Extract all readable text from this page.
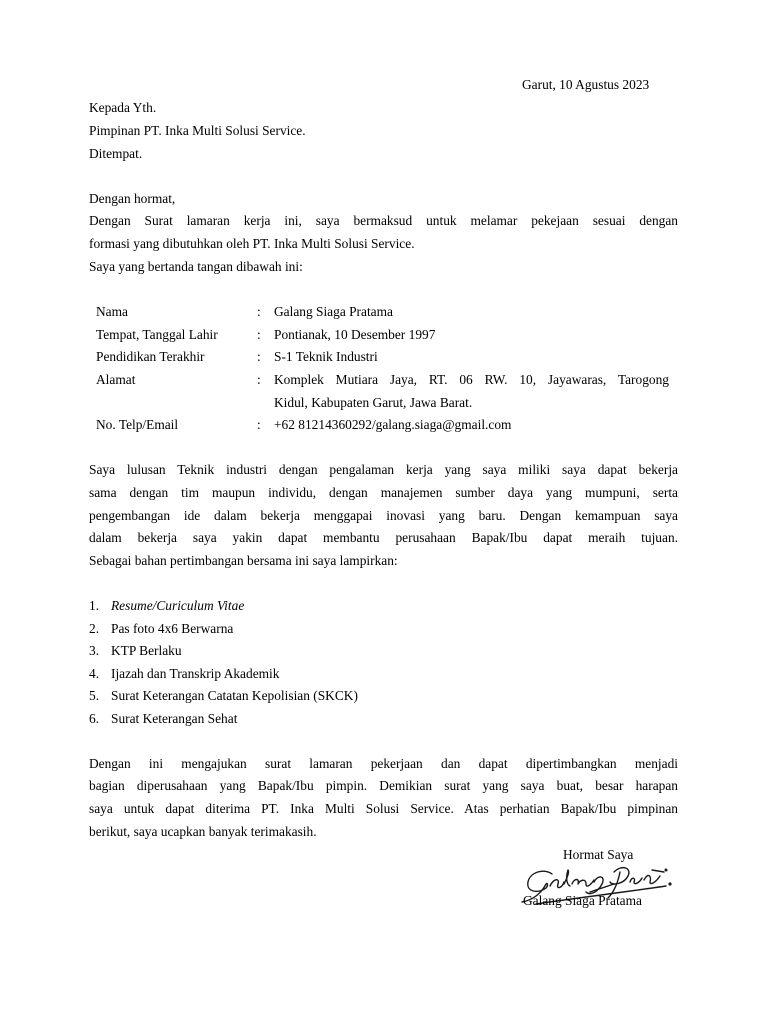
Garut, 10 Agustus 2023
Kepada Yth.
Pimpinan PT. Inka Multi Solusi Service.
Ditempat.
Dengan hormat,
Dengan Surat lamaran kerja ini, saya bermaksud untuk melamar pekejaan sesuai dengan
formasi yang dibutuhkan oleh PT. Inka Multi Solusi Service.
Saya yang bertanda tangan dibawah ini:
Nama	: Galang Siaga Pratama
Tempat, Tanggal Lahir	: Pontianak, 10 Desember 1997
Pendidikan Terakhir	: S-1 Teknik Industri
Alamat	: Komplek Mutiara Jaya, RT. 06 RW. 10, Jayawaras, Tarogong
Kidul, Kabupaten Garut, Jawa Barat.
No. Telp/Email	: +62 81214360292/galang.siaga@gmail.com
Saya lulusan Teknik industri dengan pengalaman kerja yang saya miliki saya dapat bekerja
sama dengan tim maupun individu, dengan manajemen sumber daya yang mumpuni, serta
pengembangan ide dalam bekerja menggapai inovasi yang baru. Dengan kemampuan saya
dalam bekerja saya yakin dapat membantu perusahaan Bapak/Ibu dapat meraih tujuan.
Sebagai bahan pertimbangan bersama ini saya lampirkan:
1. Resume/Curiculum Vitae
2. Pas foto 4x6 Berwarna
3. KTP Berlaku
4. Ijazah dan Transkrip Akademik
5. Surat Keterangan Catatan Kepolisian (SKCK)
6. Surat Keterangan Sehat
Dengan ini mengajukan surat lamaran pekerjaan dan dapat dipertimbangkan menjadi
bagian diperusahaan yang Bapak/Ibu pimpin. Demikian surat yang saya buat, besar harapan
saya untuk dapat diterima PT. Inka Multi Solusi Service. Atas perhatian Bapak/Ibu pimpinan
berikut, saya ucapkan banyak terimakasih.
Hormat Saya
Galang Siaga Pratama
